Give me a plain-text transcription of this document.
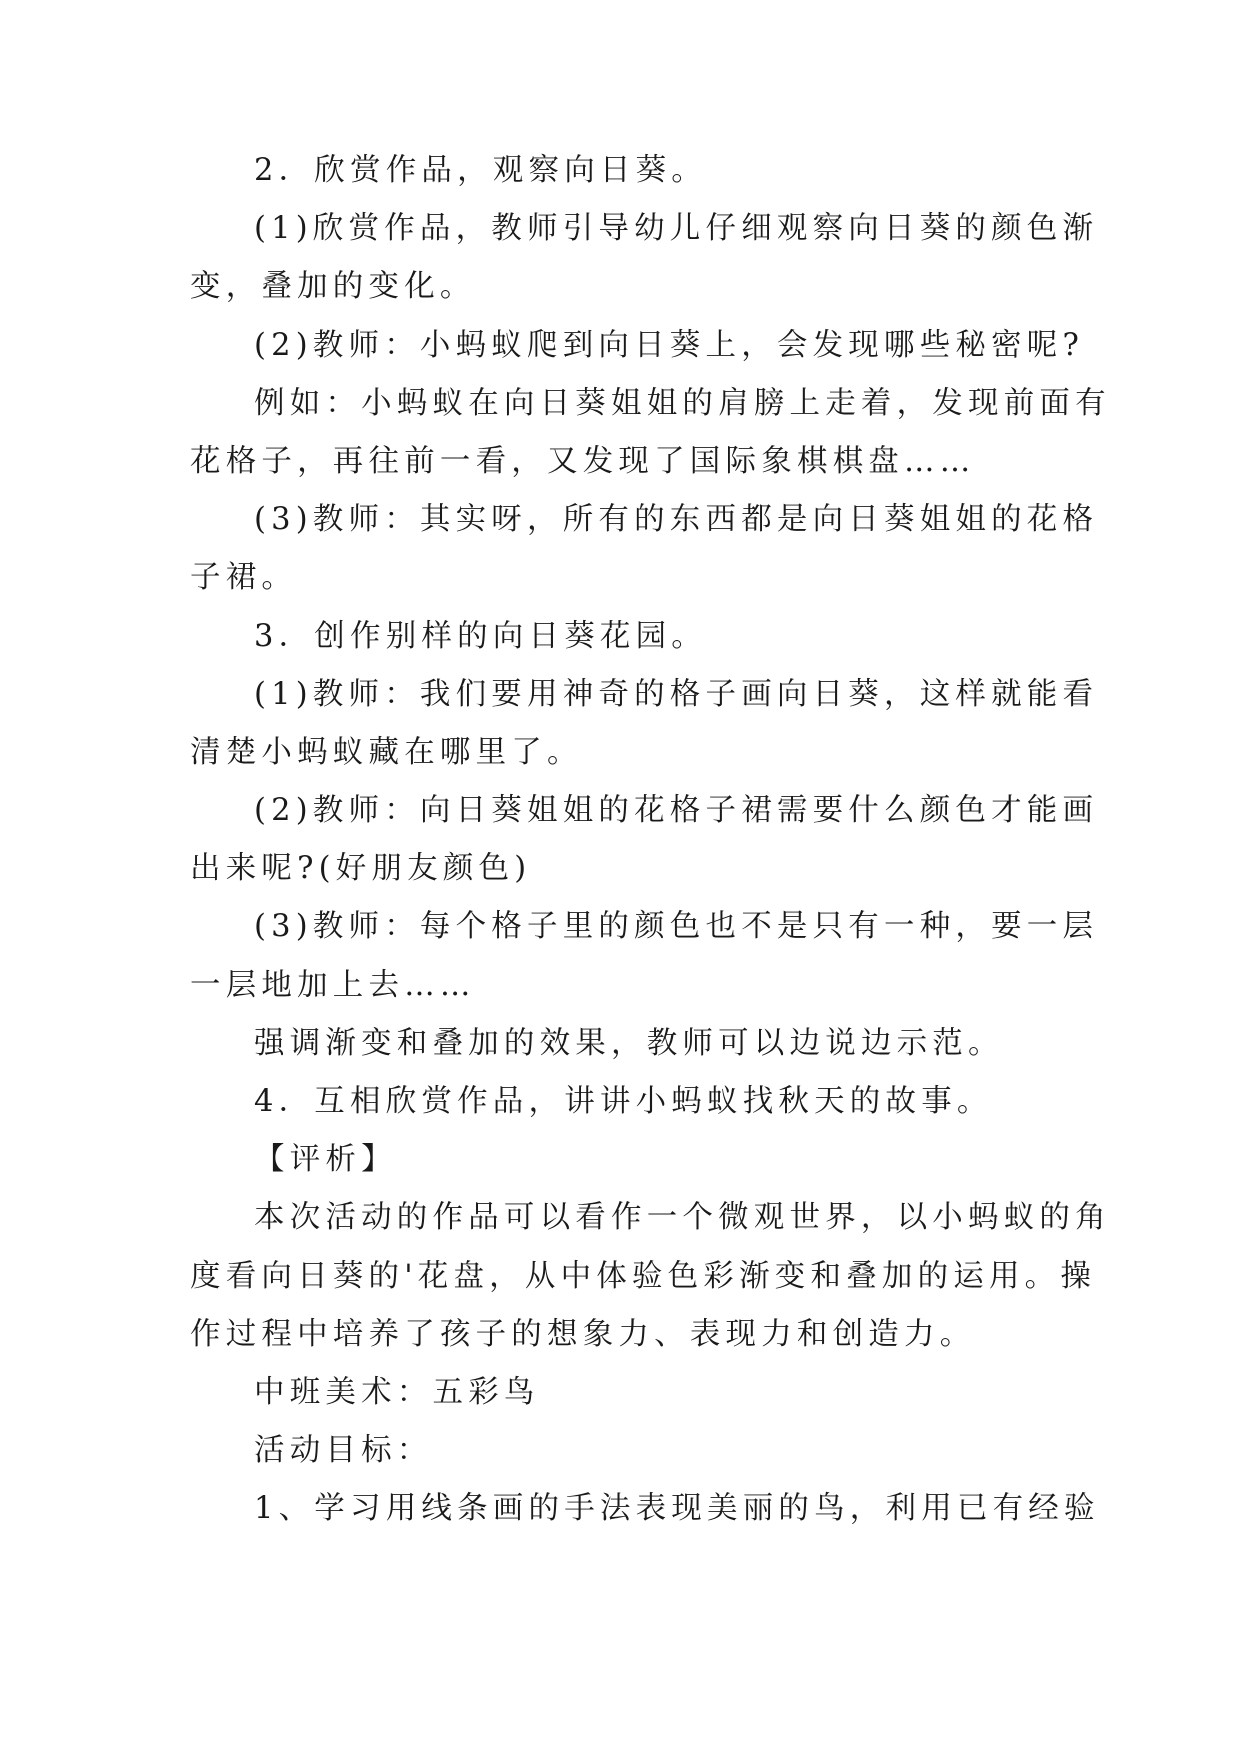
2．欣赏作品，观察向日葵。
(1)欣赏作品，教师引导幼儿仔细观察向日葵的颜色渐
变，叠加的变化。
(2)教师：小蚂蚁爬到向日葵上，会发现哪些秘密呢?
例如：小蚂蚁在向日葵姐姐的肩膀上走着，发现前面有
花格子，再往前一看，又发现了国际象棋棋盘……
(3)教师：其实呀，所有的东西都是向日葵姐姐的花格
子裙。
3．创作别样的向日葵花园。
(1)教师：我们要用神奇的格子画向日葵，这样就能看
清楚小蚂蚁藏在哪里了。
(2)教师：向日葵姐姐的花格子裙需要什么颜色才能画
出来呢?(好朋友颜色)
(3)教师：每个格子里的颜色也不是只有一种，要一层
一层地加上去……
强调渐变和叠加的效果，教师可以边说边示范。
4．互相欣赏作品，讲讲小蚂蚁找秋天的故事。
【评析】
本次活动的作品可以看作一个微观世界，以小蚂蚁的角
度看向日葵的'花盘，从中体验色彩渐变和叠加的运用。操
作过程中培养了孩子的想象力、表现力和创造力。
中班美术：五彩鸟
活动目标：
1、学习用线条画的手法表现美丽的鸟，利用已有经验
